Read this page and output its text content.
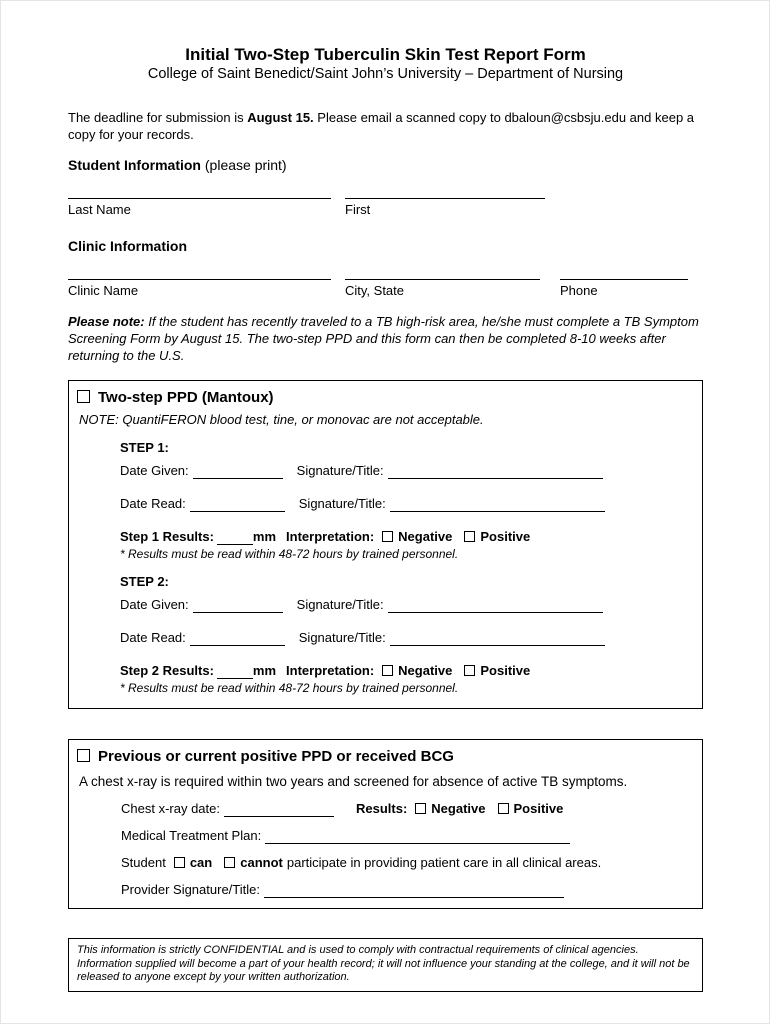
Initial Two-Step Tuberculin Skin Test Report Form
College of Saint Benedict/Saint John’s University – Department of Nursing

The deadline for submission is August 15. Please email a scanned copy to dbaloun@csbsju.edu and keep a copy for your records.

Student Information (please print)
Last Name	First
Clinic Information
Clinic Name	City, State	Phone

Please note: If the student has recently traveled to a TB high-risk area, he/she must complete a TB Symptom Screening Form by August 15. The two-step PPD and this form can then be completed 8-10 weeks after returning to the U.S.

Two-step PPD (Mantoux)
NOTE: QuantiFERON blood test, tine, or monovac are not acceptable.
STEP 1:
Date Given:	Signature/Title:
Date Read:	Signature/Title:
Step 1 Results:	mm Interpretation: Negative Positive
* Results must be read within 48-72 hours by trained personnel.
STEP 2:
Date Given:	Signature/Title:
Date Read:	Signature/Title:
Step 2 Results:	mm Interpretation: Negative Positive
* Results must be read within 48-72 hours by trained personnel.
Previous or current positive PPD or received BCG
A chest x-ray is required within two years and screened for absence of active TB symptoms.
Chest x-ray date:	Results: Negative Positive
Medical Treatment Plan:
Student can cannot participate in providing patient care in all clinical areas.
Provider Signature/Title:
This information is strictly CONFIDENTIAL and is used to comply with contractual requirements of clinical agencies. Information supplied will become a part of your health record; it will not influence your standing at the college, and it will not be released to anyone except by your written authorization.
